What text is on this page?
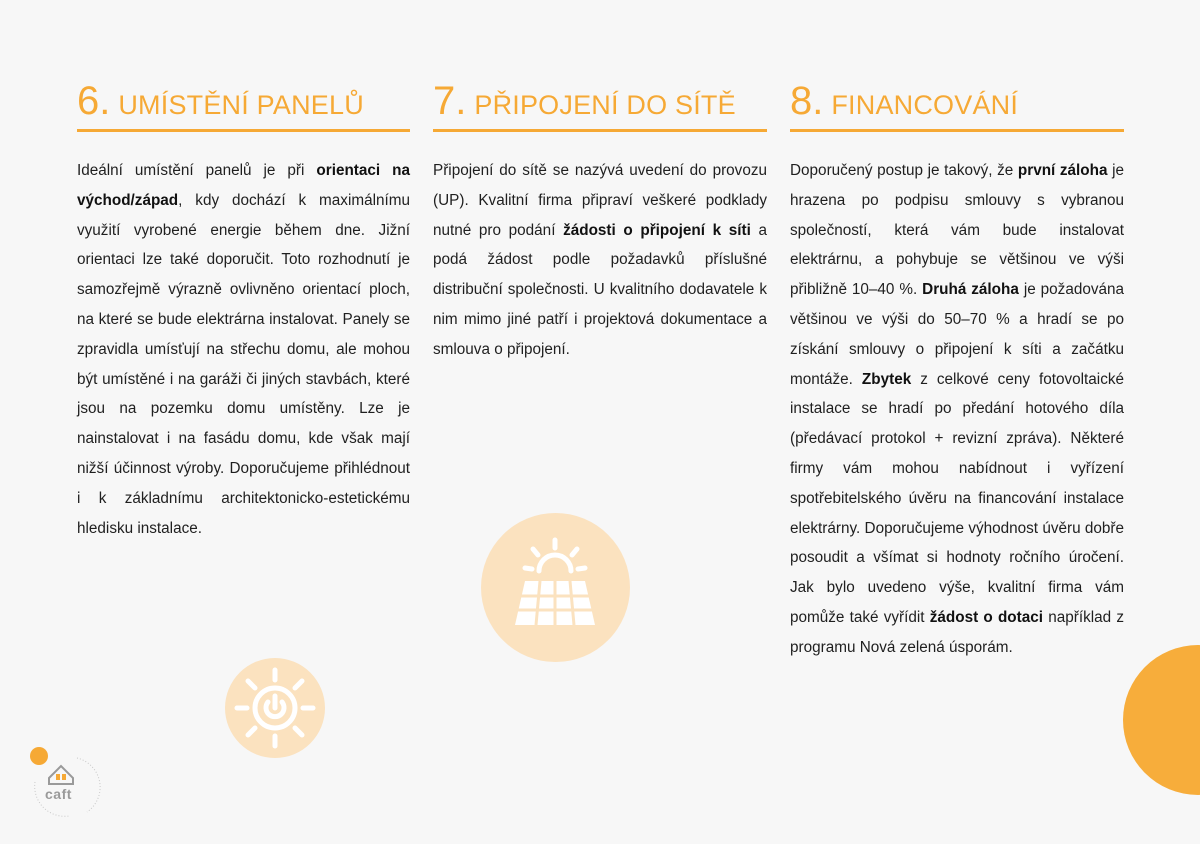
6. UMÍSTĚNÍ PANELŮ

Ideální umístění panelů je při orientaci na východ/západ, kdy dochází k maximálnímu využití vyrobené energie během dne. Jižní orientaci lze také doporučit. Toto rozhodnutí je samozřejmě výrazně ovlivněno orientací ploch, na které se bude elektrárna instalovat. Panely se zpravidla umísťují na střechu domu, ale mohou být umístěné i na garáži či jiných stavbách, které jsou na pozemku domu umístěny. Lze je nainstalovat i na fasádu domu, kde však mají nižší účinnost výroby. Doporučujeme přihlédnout i k základnímu architektonicko-estetickému hledisku instalace.

7. PŘIPOJENÍ DO SÍTĚ

Připojení do sítě se nazývá uvedení do provozu (UP). Kvalitní firma připraví veškeré podklady nutné pro podání žádosti o připojení k síti a podá žádost podle požadavků příslušné distribuční společnosti. U kvalitního dodavatele k nim mimo jiné patří i projektová dokumentace a smlouva o připojení.

8. FINANCOVÁNÍ

Doporučený postup je takový, že první záloha je hrazena po podpisu smlouvy s vybranou společností, která vám bude instalovat elektrárnu, a pohybuje se většinou ve výši přibližně 10–40 %. Druhá záloha je požadována většinou ve výši do 50–70 % a hradí se po získání smlouvy o připojení k síti a začátku montáže. Zbytek z celkové ceny fotovoltaické instalace se hradí po předání hotového díla (předávací protokol + revizní zpráva). Některé firmy vám mohou nabídnout i vyřízení spotřebitelského úvěru na financování instalace elektrárny. Doporučujeme výhodnost úvěru dobře posoudit a všímat si hodnoty ročního úročení. Jak bylo uvedeno výše, kvalitní firma vám pomůže také vyřídit žádost o dotaci například z programu Nová zelená úsporám.

caft
